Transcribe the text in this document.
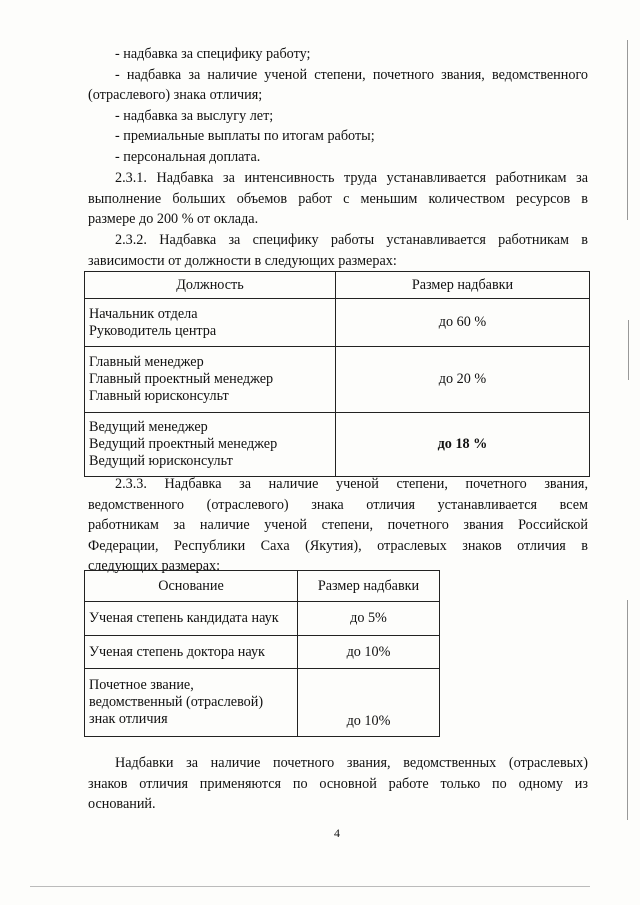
- надбавка за специфику работу;
- надбавка за наличие ученой степени, почетного звания, ведомственного
(отраслевого) знака отличия;
- надбавка за выслугу лет;
- премиальные выплаты по итогам работы;
- персональная доплата.
2.3.1. Надбавка за интенсивность труда устанавливается работникам за
выполнение больших объемов работ с меньшим количеством ресурсов в
размере до 200 % от оклада.
2.3.2. Надбавка за специфику работы устанавливается работникам в
зависимости от должности в следующих размерах:
Должность	Размер надбавки

Начальник отдела
Руководитель центра	до 60 %

Главный менеджер
Главный проектный менеджер
Главный юрисконсульт	до 20 %

Ведущий менеджер
Ведущий проектный менеджер
Ведущий юрисконсульт	до 18 %
2.3.3. Надбавка за наличие ученой степени, почетного звания,
ведомственного (отраслевого) знака отличия устанавливается всем
работникам за наличие ученой степени, почетного звания Российской
Федерации, Республики Саха (Якутия), отраслевых знаков отличия в
следующих размерах:
Основание	Размер надбавки

Ученая степень кандидата наук	до 5%

Ученая степень доктора наук	до 10%

Почетное звание,
ведомственный (отраслевой)
знак отличия	до 10%
Надбавки за наличие почетного звания, ведомственных (отраслевых)
знаков отличия применяются по основной работе только по одному из
оснований.
4
